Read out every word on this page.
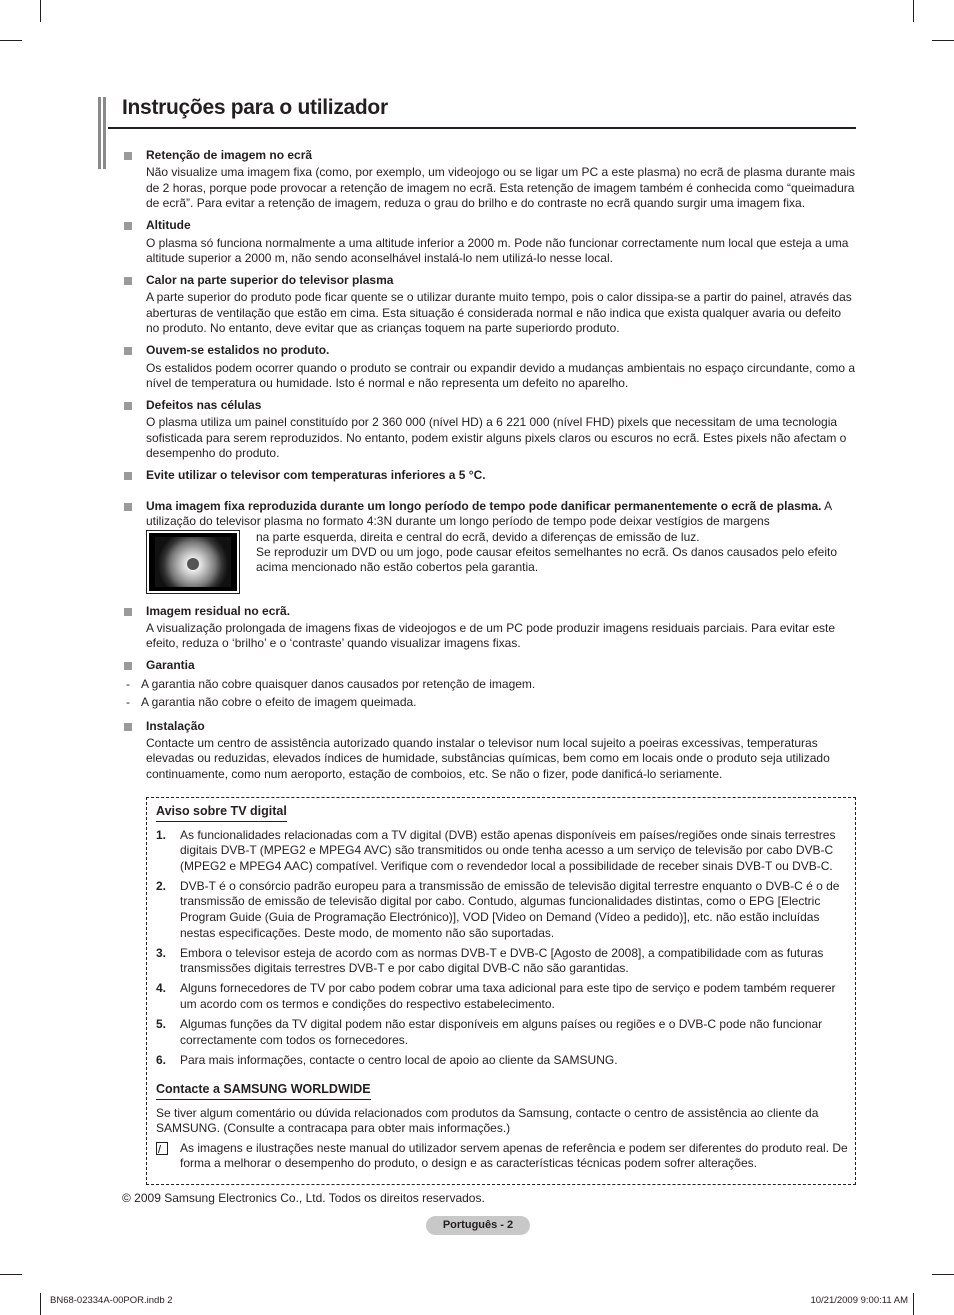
Instruções para o utilizador
Retenção de imagem no ecrã

Não visualize uma imagem fixa (como, por exemplo, um videojogo ou se ligar um PC a este plasma) no ecrã de plasma durante mais de 2 horas, porque pode provocar a retenção de imagem no ecrã. Esta retenção de imagem também é conhecida como “queimadura de ecrã”. Para evitar a retenção de imagem, reduza o grau do brilho e do contraste no ecrã quando surgir uma imagem fixa.

Altitude

O plasma só funciona normalmente a uma altitude inferior a 2000 m. Pode não funcionar correctamente num local que esteja a uma altitude superior a 2000 m, não sendo aconselhável instalá-lo nem utilizá-lo nesse local.

Calor na parte superior do televisor plasma

A parte superior do produto pode ficar quente se o utilizar durante muito tempo, pois o calor dissipa-se a partir do painel, através das aberturas de ventilação que estão em cima. Esta situação é considerada normal e não indica que exista qualquer avaria ou defeito no produto. No entanto, deve evitar que as crianças toquem na parte superiordo produto.

Ouvem-se estalidos no produto.

Os estalidos podem ocorrer quando o produto se contrair ou expandir devido a mudanças ambientais no espaço circundante, como a nível de temperatura ou humidade. Isto é normal e não representa um defeito no aparelho.

Defeitos nas células

O plasma utiliza um painel constituído por 2 360 000 (nível HD) a 6 221 000 (nível FHD) pixels que necessitam de uma tecnologia sofisticada para serem reproduzidos. No entanto, podem existir alguns pixels claros ou escuros no ecrã. Estes pixels não afectam o desempenho do produto.

Evite utilizar o televisor com temperaturas inferiores a 5 °C.

Uma imagem fixa reproduzida durante um longo período de tempo pode danificar permanentemente o ecrã de plasma. A utilização do televisor plasma no formato 4:3N durante um longo período de tempo pode deixar vestígios de margens

na parte esquerda, direita e central do ecrã, devido a diferenças de emissão de luz.

Se reproduzir um DVD ou um jogo, pode causar efeitos semelhantes no ecrã. Os danos causados pelo efeito acima mencionado não estão cobertos pela garantia.

Imagem residual no ecrã.

A visualização prolongada de imagens fixas de videojogos e de um PC pode produzir imagens residuais parciais. Para evitar este efeito, reduza o ‘brilho’ e o ‘contraste’ quando visualizar imagens fixas.

Garantia
- A garantia não cobre quaisquer danos causados por retenção de imagem.
- A garantia não cobre o efeito de imagem queimada.
Instalação

Contacte um centro de assistência autorizado quando instalar o televisor num local sujeito a poeiras excessivas, temperaturas elevadas ou reduzidas, elevados índices de humidade, substâncias químicas, bem como em locais onde o produto seja utilizado continuamente, como num aeroporto, estação de comboios, etc. Se não o fizer, pode danificá-lo seriamente.

Aviso sobre TV digital
1. As funcionalidades relacionadas com a TV digital (DVB) estão apenas disponíveis em países/regiões onde sinais terrestres digitais DVB-T (MPEG2 e MPEG4 AVC) são transmitidos ou onde tenha acesso a um serviço de televisão por cabo DVB-C (MPEG2 e MPEG4 AAC) compatível. Verifique com o revendedor local a possibilidade de receber sinais DVB-T ou DVB-C.
2. DVB-T é o consórcio padrão europeu para a transmissão de emissão de televisão digital terrestre enquanto o DVB-C é o de transmissão de emissão de televisão digital por cabo. Contudo, algumas funcionalidades distintas, como o EPG [Electric Program Guide (Guia de Programação Electrónico)], VOD [Video on Demand (Vídeo a pedido)], etc. não estão incluídas nestas especificações. Deste modo, de momento não são suportadas.
3. Embora o televisor esteja de acordo com as normas DVB-T e DVB-C [Agosto de 2008], a compatibilidade com as futuras transmissões digitais terrestres DVB-T e por cabo digital DVB-C não são garantidas.
4. Alguns fornecedores de TV por cabo podem cobrar uma taxa adicional para este tipo de serviço e podem também requerer um acordo com os termos e condições do respectivo estabelecimento.
5. Algumas funções da TV digital podem não estar disponíveis em alguns países ou regiões e o DVB-C pode não funcionar correctamente com todos os fornecedores.
6. Para mais informações, contacte o centro local de apoio ao cliente da SAMSUNG.
Contacte a SAMSUNG WORLDWIDE

Se tiver algum comentário ou dúvida relacionados com produtos da Samsung, contacte o centro de assistência ao cliente da SAMSUNG. (Consulte a contracapa para obter mais informações.)

As imagens e ilustrações neste manual do utilizador servem apenas de referência e podem ser diferentes do produto real. De forma a melhorar o desempenho do produto, o design e as características técnicas podem sofrer alterações.

© 2009 Samsung Electronics Co., Ltd. Todos os direitos reservados.
Português - 2
BN68-02334A-00POR.indb 2	10/21/2009 9:00:11 AM
